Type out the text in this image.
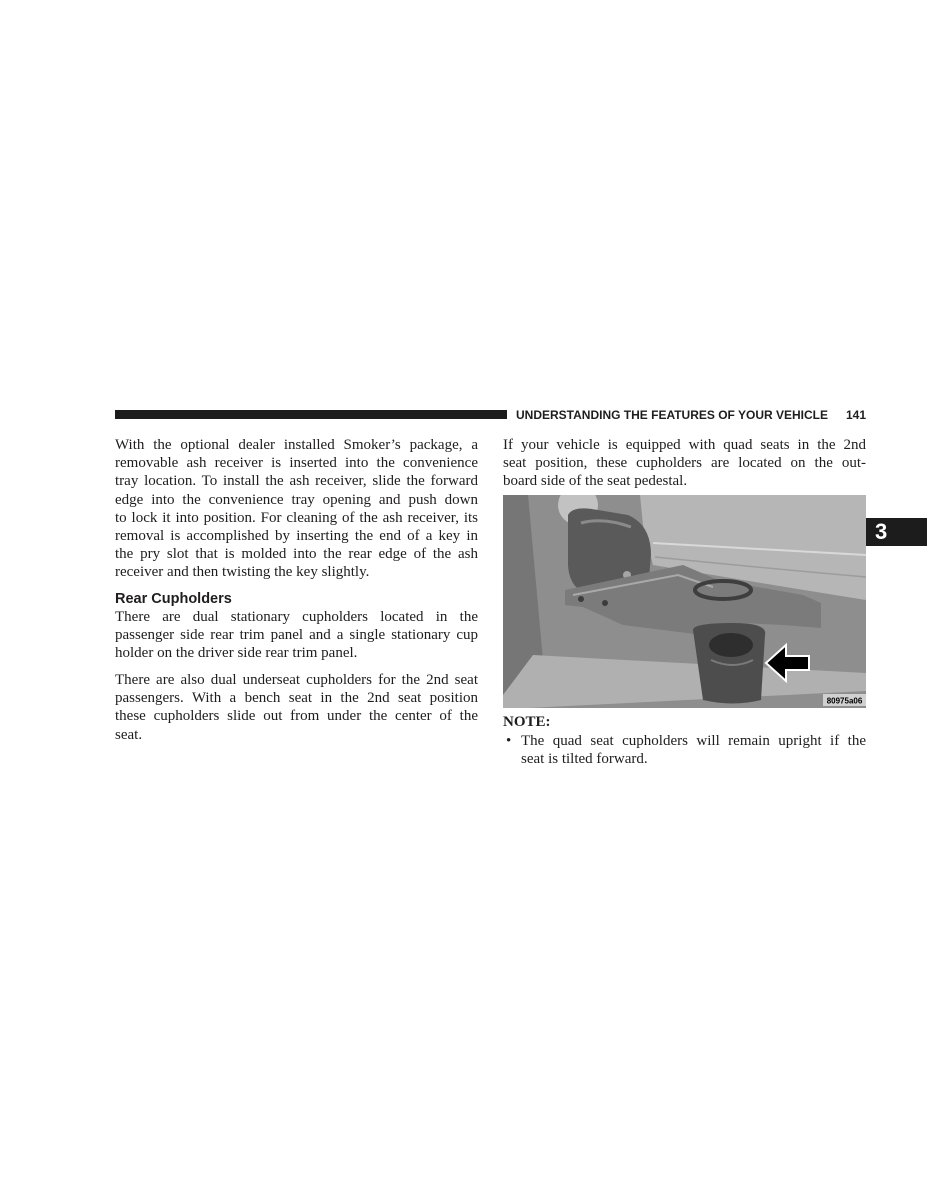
UNDERSTANDING THE FEATURES OF YOUR VEHICLE	141
3
With the optional dealer installed Smoker’s package, a
removable ash receiver is inserted into the convenience
tray location. To install the ash receiver, slide the forward
edge into the convenience tray opening and push down
to lock it into position. For cleaning of the ash receiver, its
removal is accomplished by inserting the end of a key in
the pry slot that is molded into the rear edge of the ash
receiver and then twisting the key slightly.
Rear Cupholders
There are dual stationary cupholders located in the
passenger side rear trim panel and a single stationary cup
holder on the driver side rear trim panel.
There are also dual underseat cupholders for the 2nd seat
passengers. With a bench seat in the 2nd seat position
these cupholders slide out from under the center of the
seat.
If your vehicle is equipped with quad seats in the 2nd
seat position, these cupholders are located on the out-
board side of the seat pedestal.
80975a06
NOTE:
• The quad seat cupholders will remain upright if the
seat is tilted forward.
